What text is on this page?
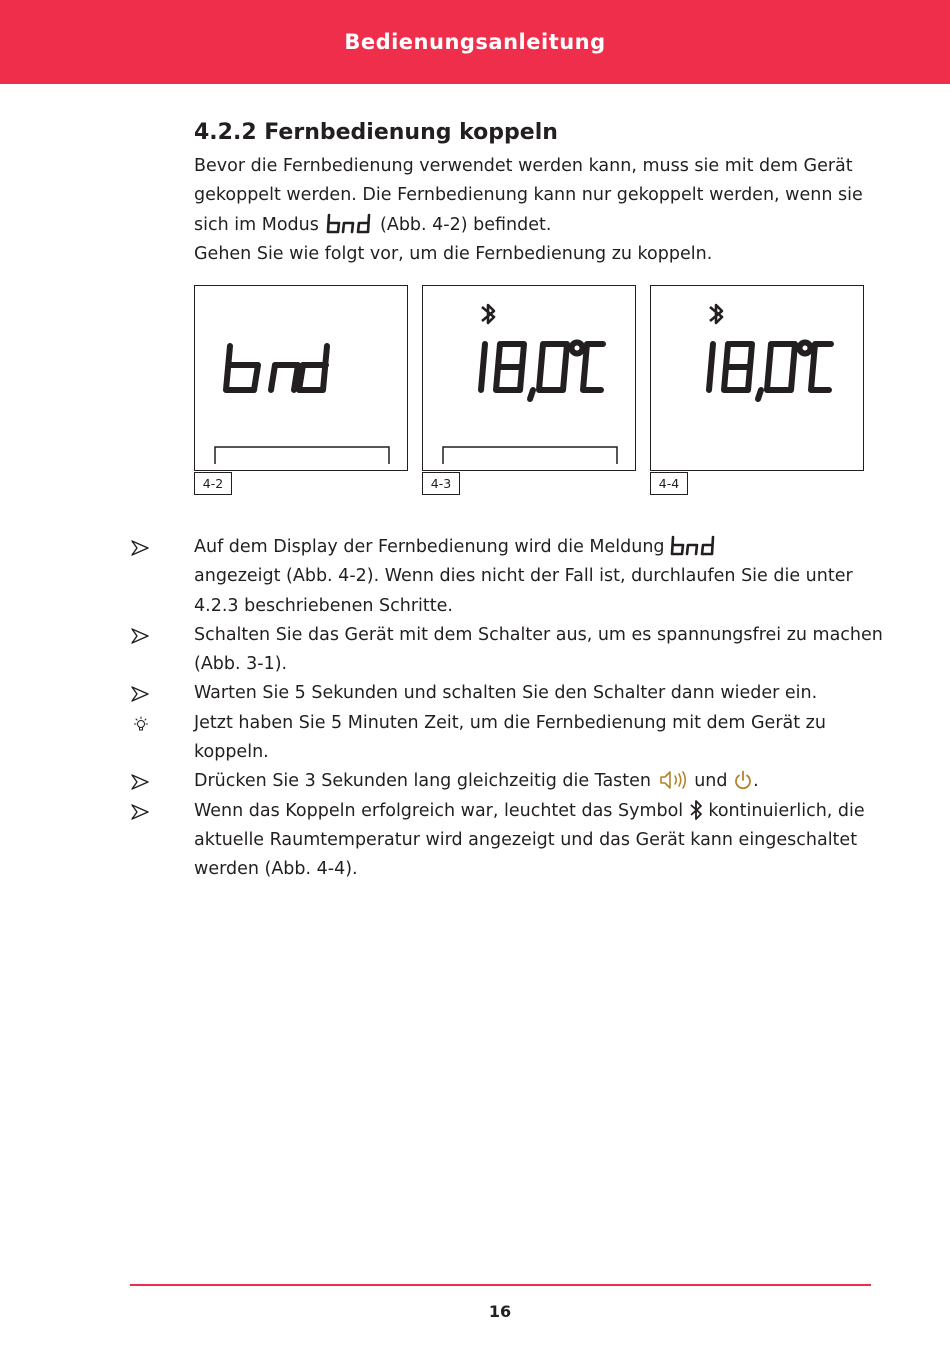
Bedienungsanleitung
4.2.2 Fernbedienung koppeln
Bevor die Fernbedienung verwendet werden kann, muss sie mit dem Gerät gekoppelt werden. Die Fernbedienung kann nur gekoppelt werden, wenn sie sich im Modus	(Abb. 4-2) befindet.
Gehen Sie wie folgt vor, um die Fernbedienung zu koppeln.
4-2	4-3	4-4
Auf dem Display der Fernbedienung wird die Meldung
angezeigt (Abb. 4-2). Wenn dies nicht der Fall ist, durchlaufen Sie die unter 4.2.3 beschriebenen Schritte.
Schalten Sie das Gerät mit dem Schalter aus, um es spannungsfrei zu machen (Abb. 3-1).
Warten Sie 5 Sekunden und schalten Sie den Schalter dann wieder ein.
Jetzt haben Sie 5 Minuten Zeit, um die Fernbedienung mit dem Gerät zu koppeln.
Drücken Sie 3 Sekunden lang gleichzeitig die Tasten und .
Wenn das Koppeln erfolgreich war, leuchtet das Symbol kontinuierlich, die aktuelle Raumtemperatur wird angezeigt und das Gerät kann eingeschaltet werden (Abb. 4-4).
16
